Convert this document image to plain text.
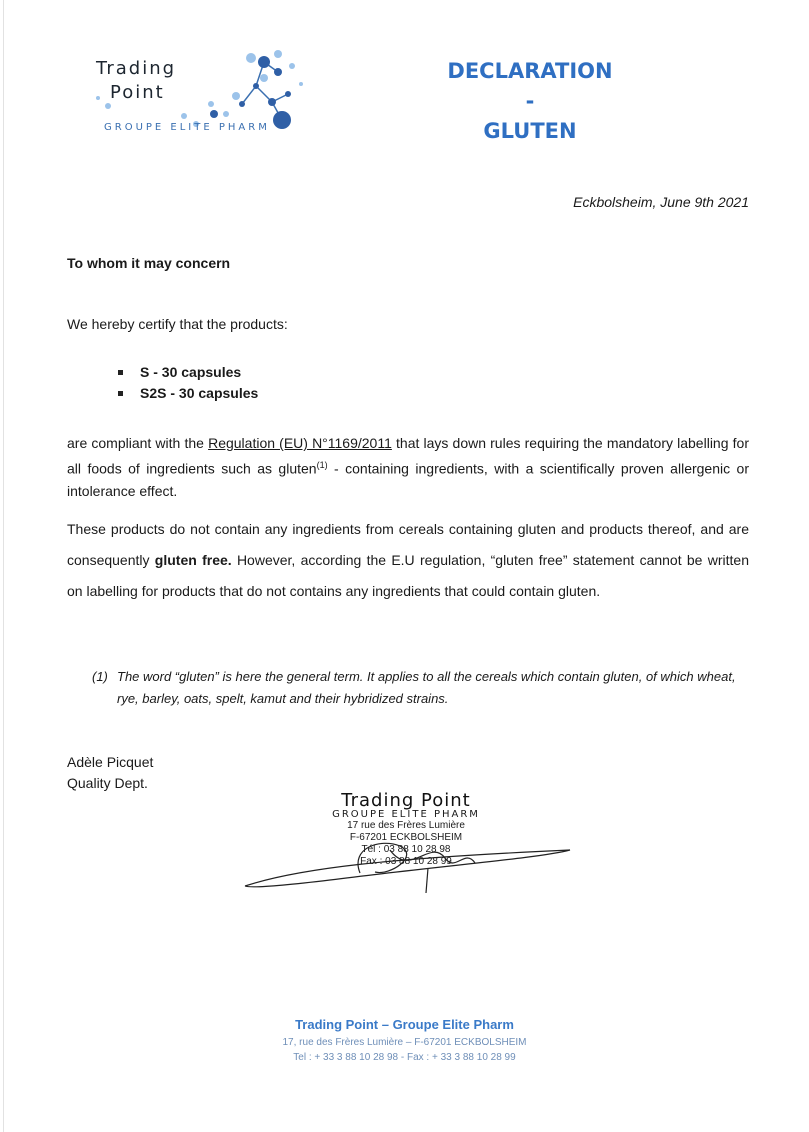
Trading
Point
GROUPE ELITE PHARM
DECLARATION
-
GLUTEN
Eckbolsheim, June 9th 2021
To whom it may concern
We hereby certify that the products:
S - 30 capsules
S2S - 30 capsules
are compliant with the Regulation (EU) N°1169/2011 that lays down rules requiring the mandatory labelling for all foods of ingredients such as gluten$^{(1)}$ - containing ingredients, with a scientifically proven allergenic or intolerance effect.
These products do not contain any ingredients from cereals containing gluten and products thereof, and are consequently gluten free. However, according the E.U regulation, “gluten free” statement cannot be written on labelling for products that do not contains any ingredients that could contain gluten.
(1) The word “gluten” is here the general term. It applies to all the cereals which contain gluten, of which wheat, rye, barley, oats, spelt, kamut and their hybridized strains.
Adèle Picquet
Quality Dept.
Trading Point
GROUPE ELITE PHARM
17 rue des Frères Lumière
F-67201 ECKBOLSHEIM
Tél : 03 88 10 28 98
Fax : 03 88 10 28 99
Trading Point – Groupe Elite Pharm
17, rue des Frères Lumière – F-67201 ECKBOLSHEIM
Tel : + 33 3 88 10 28 98 - Fax : + 33 3 88 10 28 99
